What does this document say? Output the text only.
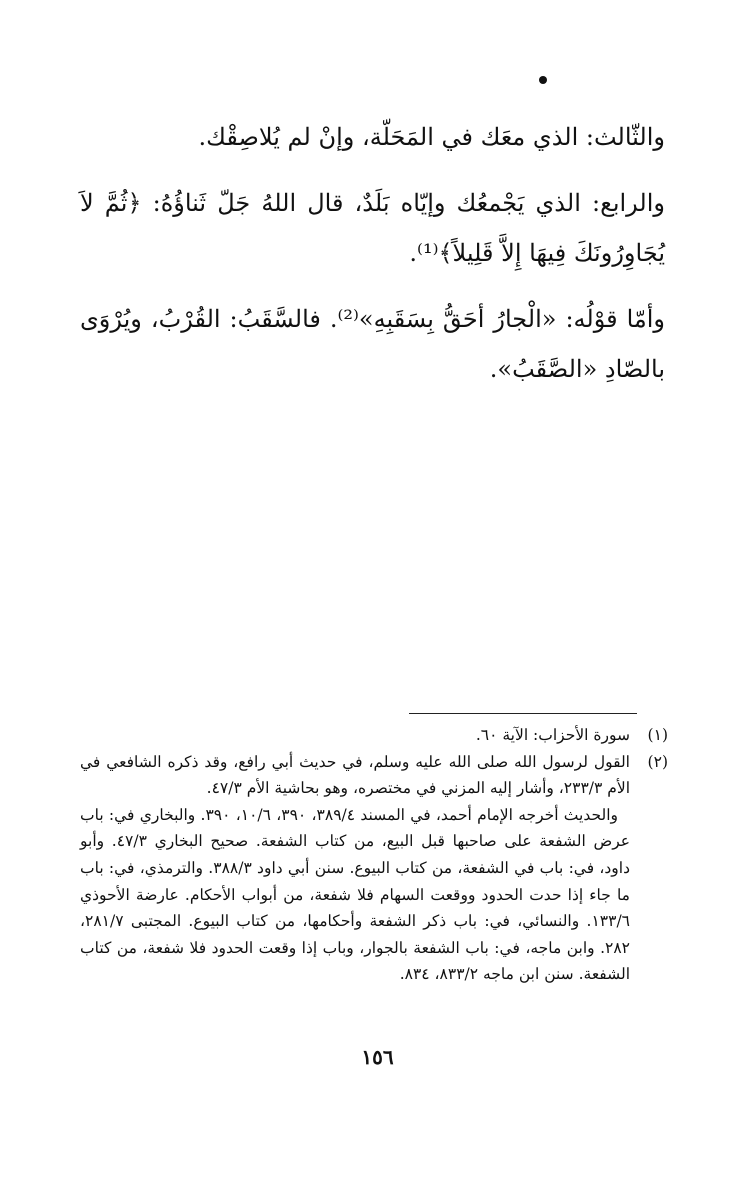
والثّالث: الذي معَك في المَحَلّة، وإنْ لم يُلاصِقْك.

والرابع: الذي يَجْمعُك وإيّاه بَلَدٌ، قال اللهُ جَلّ ثَناؤُهُ: ﴿ثُمَّ لاَ يُجَاوِرُونَكَ فِيهَا إِلاَّ قَلِيلاً﴾⁽¹⁾.

وأمّا قوْلُه: «الْجارُ أحَقُّ بِسَقَبِهِ»⁽²⁾. فالسَّقَبُ: القُرْبُ، ويُرْوَى بالصّادِ «الصَّقَبُ».

(١)

سورة الأحزاب: الآية ٦٠.

(٢)

القول لرسول الله صلى الله عليه وسلم، في حديث أبي رافع، وقد ذكره الشافعي في الأم ٢٣٣/٣، وأشار إليه المزني في مختصره، وهو بحاشية الأم ٤٧/٣.

والحديث أخرجه الإمام أحمد، في المسند ٣٨٩/٤، ٣٩٠، ١٠/٦، ٣٩٠. والبخاري في: باب عرض الشفعة على صاحبها قبل البيع، من كتاب الشفعة. صحيح البخاري ٤٧/٣. وأبو داود، في: باب في الشفعة، من كتاب البيوع. سنن أبي داود ٣٨٨/٣. والترمذي، في: باب ما جاء إذا حدت الحدود ووقعت السهام فلا شفعة، من أبواب الأحكام. عارضة الأحوذي ١٣٣/٦. والنسائي، في: باب ذكر الشفعة وأحكامها، من كتاب البيوع. المجتبى ٢٨١/٧، ٢٨٢. وابن ماجه، في: باب الشفعة بالجوار، وباب إذا وقعت الحدود فلا شفعة، من كتاب الشفعة. سنن ابن ماجه ٨٣٣/٢، ٨٣٤.

١٥٦
